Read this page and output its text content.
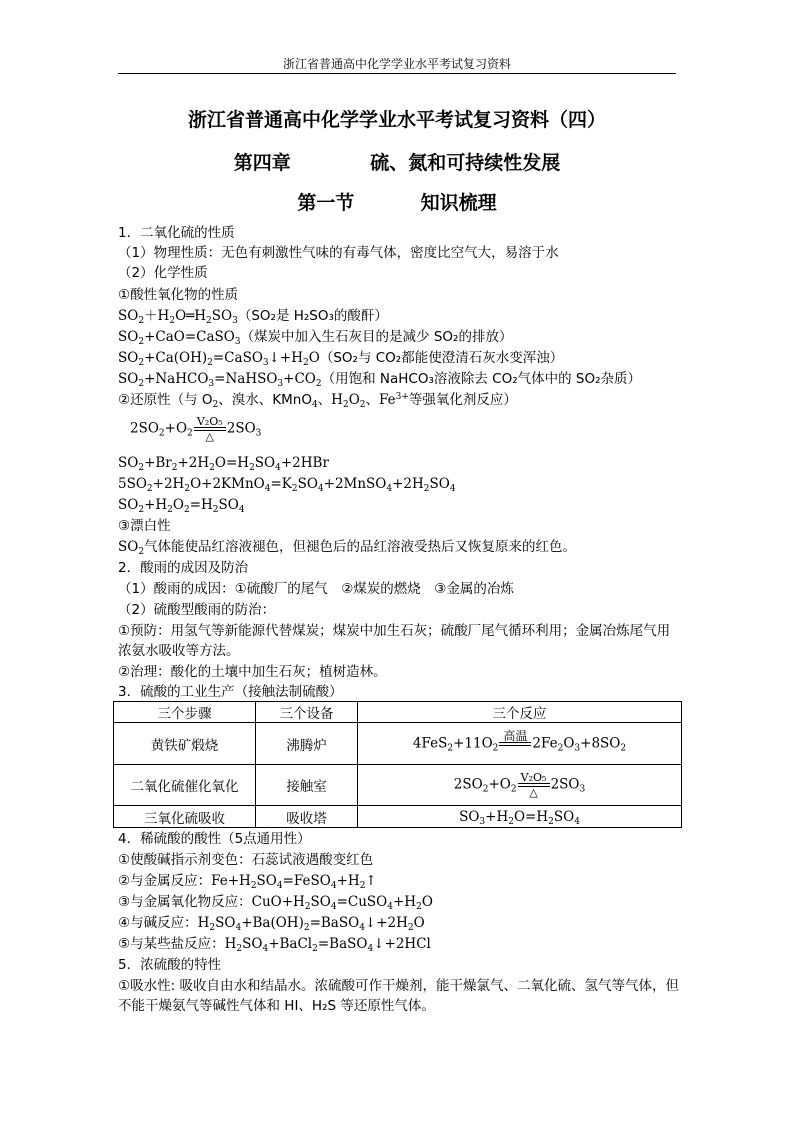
浙江省普通高中化学学业水平考试复习资料
浙江省普通高中化学学业水平考试复习资料（四）
第四章	硫、氮和可持续性发展
第一节	知识梳理
1．二氧化硫的性质
（1）物理性质：无色有刺激性气味的有毒气体，密度比空气大，易溶于水
（2）化学性质
①酸性氧化物的性质
$SO_2+H_2O═H_2SO_3(SO_2$是 H₂SO₃的酸酐）
$SO_2+CaO=CaSO_3$（煤炭中加入生石灰目的是减少 SO₂的排放）
$SO_2+Ca(OH)_2=CaSO_3↓+H_2O(SO_2$与 CO₂都能使澄清石灰水变浑浊）
$SO_2+NaHCO_3=NaHSO_3+CO_2$（用饱和 NaHCO₃溶液除去 CO₂气体中的 SO₂杂质）
②还原性（与 $O_2$、溴水、KMnO$_4$、$H_2O_2$、$Fe^{3+}$等强氧化剂反应）
$2SO_2+O_2$
V₂O₅
△ $2SO_3$
$SO_2+Br_2+2H_2O=H_2SO_4+2HBr$
$5SO_2+2H_2O+2KMnO_4=K_2SO_4+2MnSO_4+2H_2SO_4$
$SO_2+H_2O_2=H_2SO_4$
③漂白性
$SO_2$气体能使品红溶液褪色，但褪色后的品红溶液受热后又恢复原来的红色。
2．酸雨的成因及防治
（1）酸雨的成因：①硫酸厂的尾气　②煤炭的燃烧　③金属的冶炼
（2）硫酸型酸雨的防治：
①预防：用氢气等新能源代替煤炭；煤炭中加生石灰；硫酸厂尾气循环利用；金属冶炼尾气用浓氨水吸收等方法。
②治理：酸化的土壤中加生石灰；植树造林。
3．硫酸的工业生产（接触法制硫酸）
三个步骤	三个设备	三个反应
黄铁矿煅烧	沸腾炉	$4FeS_2+11O_2$
高温
$2Fe_2O_3+8SO_2$
二氧化硫催化氧化	接触室	$2SO_2+O_2$
V₂O₅
△ $2SO_3$
三氧化硫吸收	吸收塔	$SO_3+H_2O=H_2SO_4$
4．稀硫酸的酸性（5点通用性）
①使酸碱指示剂变色：石蕊试液遇酸变红色
②与金属反应：$Fe+H_2SO_4=FeSO_4+H_2↑$
③与金属氧化物反应：$CuO+H_2SO_4=CuSO_4+H_2O$
④与碱反应：$H_2SO_4+Ba(OH)_2=BaSO_4↓+2H_2O$
⑤与某些盐反应：$H_2SO_4+BaCl_2=BaSO_4↓+2HCl$
5．浓硫酸的特性
①吸水性: 吸收自由水和结晶水。浓硫酸可作干燥剂，能干燥氯气、二氧化硫、氢气等气体，但不能干燥氨气等碱性气体和 HI、H₂S 等还原性气体。
